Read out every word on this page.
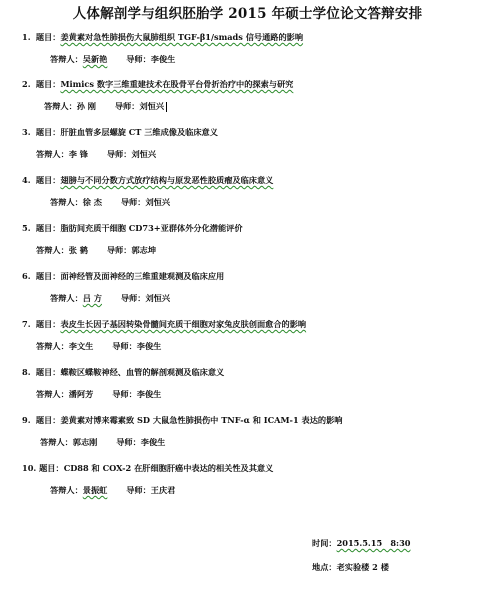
人体解剖学与组织胚胎学 2015 年硕士学位论文答辩安排
1. 题目：姜黄素对急性肺损伤大鼠肺组织 TGF-β1/smads 信号通路的影响
答辩人：吴新艳 导师：李俊生
2. 题目：Mimics 数字三维重建技术在股骨平台骨折治疗中的探索与研究
答辩人：孙 刚 导师：刘恒兴
3. 题目：肝脏血管多层螺旋 CT 三维成像及临床意义
答辩人：李 锋 导师：刘恒兴
4. 题目：翅膀与不同分数方式放疗结构与原发恶性胶质瘤及临床意义
答辩人：徐 杰 导师：刘恒兴
5. 题目：脂肪间充质干细胞 CD73+亚群体外分化潜能评价
答辩人：张 鹤 导师：郭志坤
6. 题目：面神经管及面神经的三维重建观测及临床应用
答辩人：吕 方 导师：刘恒兴
7. 题目：表皮生长因子基因转染骨髓间充质干细胞对家兔皮肤创面愈合的影响
答辩人：李文生 导师：李俊生
8. 题目：蝶鞍区蝶鞍神经、血管的解剖观测及临床意义
答辩人：潘阿芳 导师：李俊生
9. 题目：姜黄素对博来霉素致 SD 大鼠急性肺损伤中 TNF-α 和 ICAM-1 表达的影响
答辩人：郭志刚 导师：李俊生
10. 题目：CD88 和 COX-2 在肝细胞肝癌中表达的相关性及其意义
答辩人：景振虹 导师：王庆君
时间：2015.5.15　8:30
地点：老实验楼 2 楼
